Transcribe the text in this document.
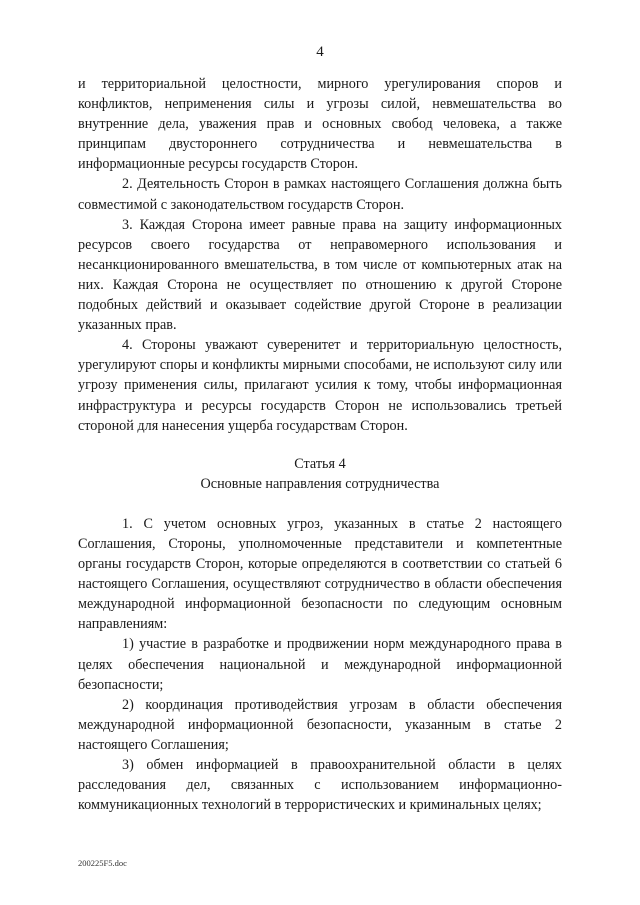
4

и территориальной целостности, мирного урегулирования споров и конфликтов, неприменения силы и угрозы силой, невмешательства во внутренние дела, уважения прав и основных свобод человека, а также принципам двустороннего сотрудничества и невмешательства в информационные ресурсы государств Сторон.

2. Деятельность Сторон в рамках настоящего Соглашения должна быть совместимой с законодательством государств Сторон.

3. Каждая Сторона имеет равные права на защиту информационных ресурсов своего государства от неправомерного использования и несанкционированного вмешательства, в том числе от компьютерных атак на них. Каждая Сторона не осуществляет по отношению к другой Стороне подобных действий и оказывает содействие другой Стороне в реализации указанных прав.

4. Стороны уважают суверенитет и территориальную целостность, урегулируют споры и конфликты мирными способами, не используют силу или угрозу применения силы, прилагают усилия к тому, чтобы информационная инфраструктура и ресурсы государств Сторон не использовались третьей стороной для нанесения ущерба государствам Сторон.

Статья 4

Основные направления сотрудничества

1. С учетом основных угроз, указанных в статье 2 настоящего Соглашения, Стороны, уполномоченные представители и компетентные органы государств Сторон, которые определяются в соответствии со статьей 6 настоящего Соглашения, осуществляют сотрудничество в области обеспечения международной информационной безопасности по следующим основным направлениям:

1) участие в разработке и продвижении норм международного права в целях обеспечения национальной и международной информационной безопасности;

2) координация противодействия угрозам в области обеспечения международной информационной безопасности, указанным в статье 2 настоящего Соглашения;

3) обмен информацией в правоохранительной области в целях расследования дел, связанных с использованием информационно-коммуникационных технологий в террористических и криминальных целях;

200225F5.doc
